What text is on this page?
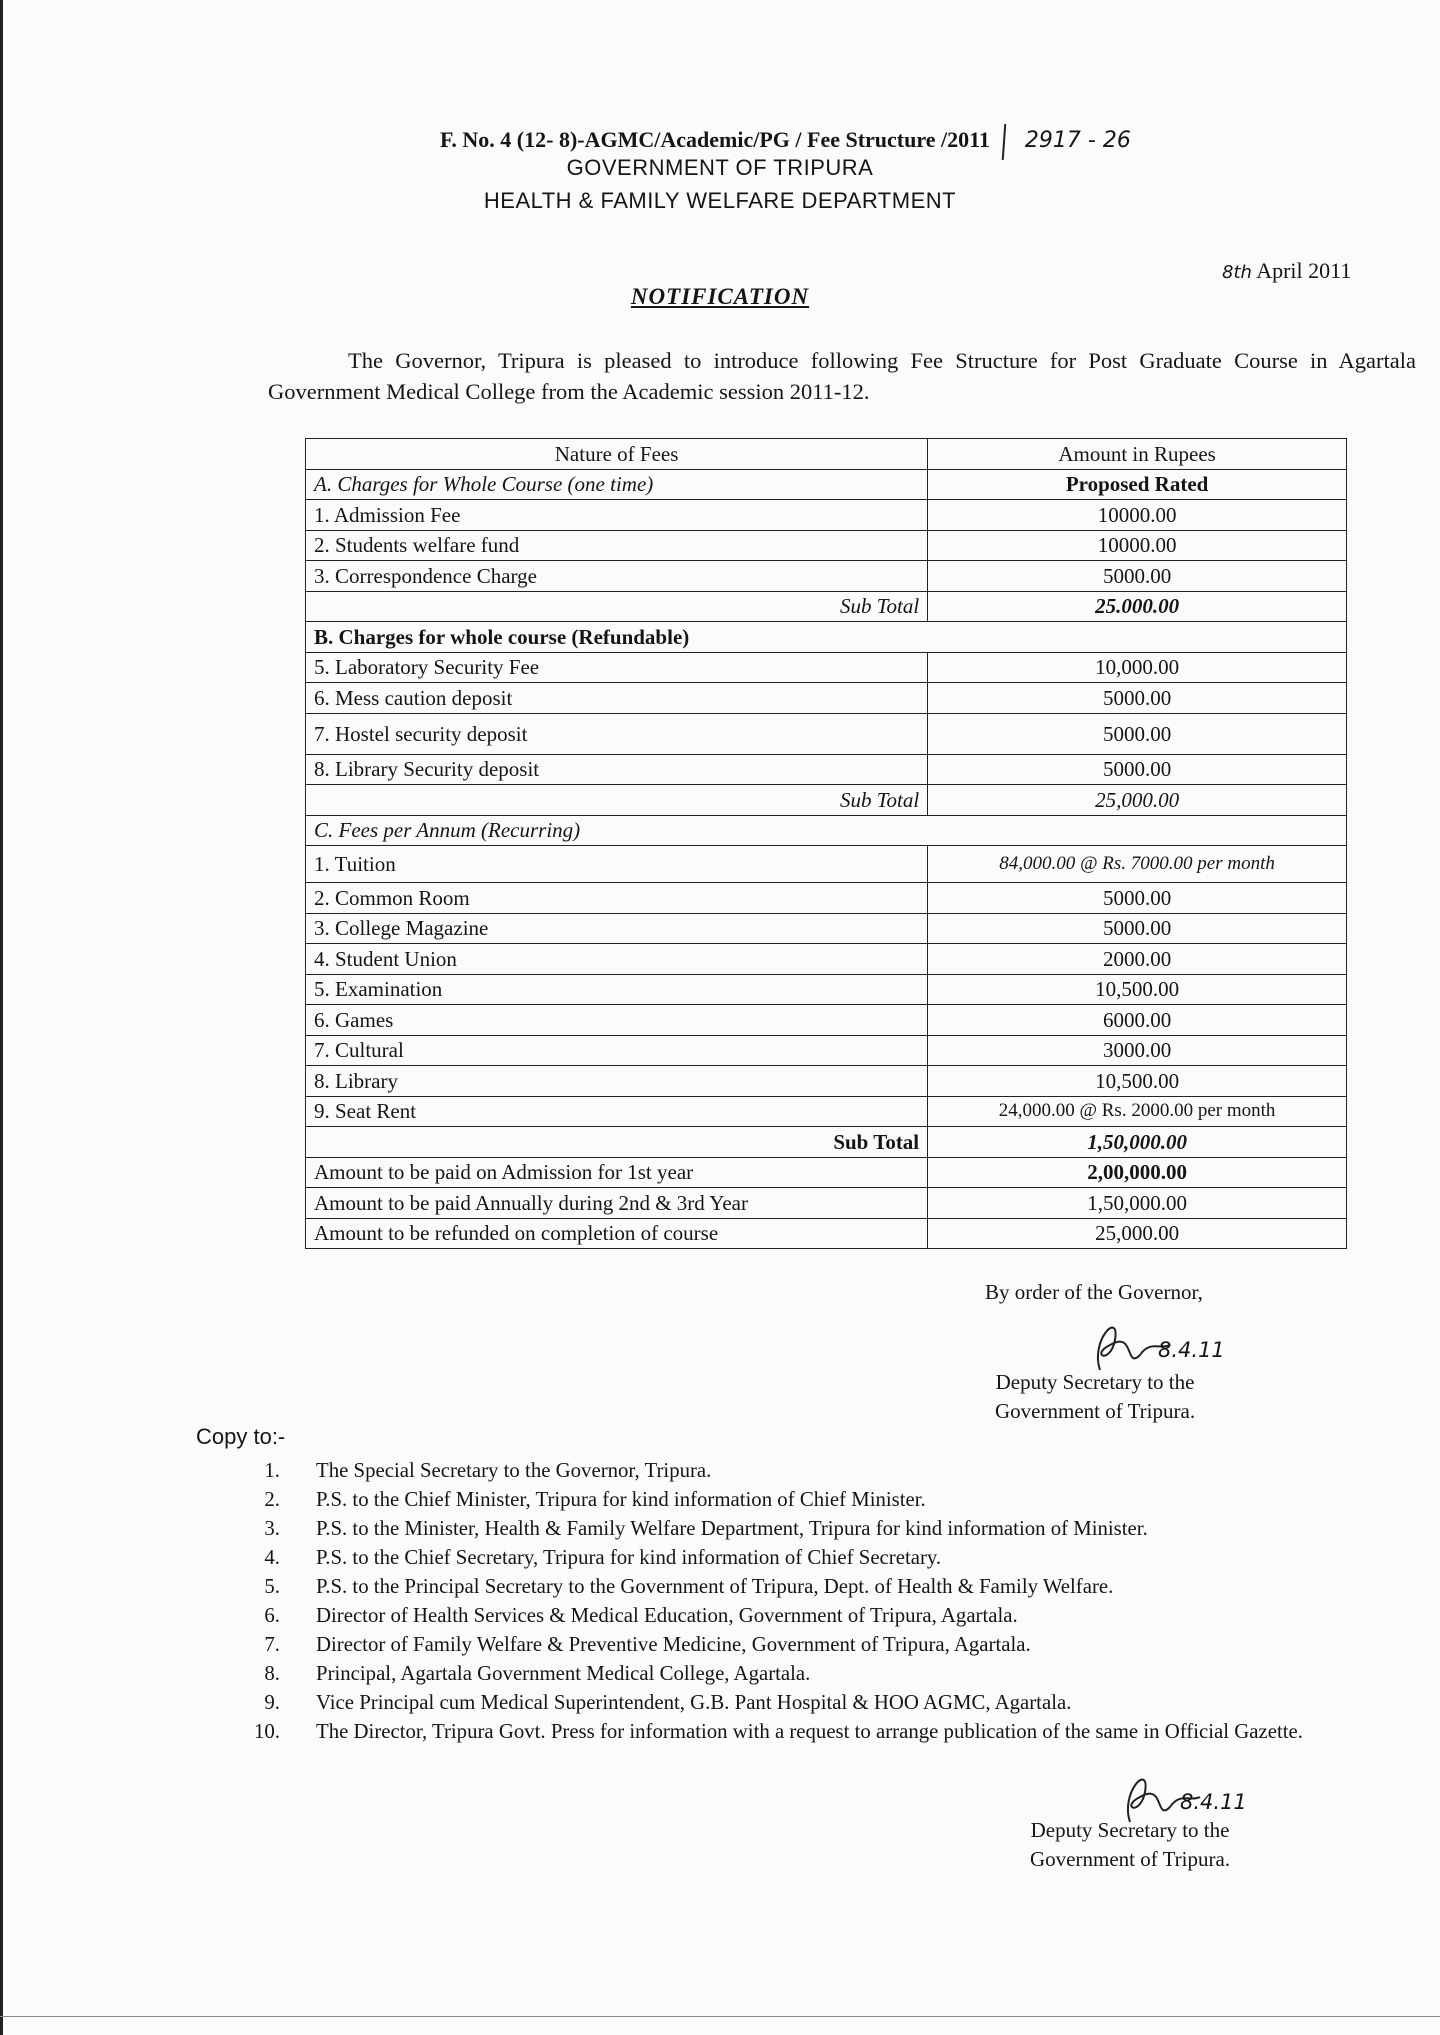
F. No. 4 (12- 8)-AGMC/Academic/PG / Fee Structure /2011 2917 - 26
GOVERNMENT OF TRIPURA
HEALTH & FAMILY WELFARE DEPARTMENT
8th April 2011
NOTIFICATION
The Governor, Tripura is pleased to introduce following Fee Structure for Post Graduate Course in Agartala Government Medical College from the Academic session 2011-12.
Nature of Fees	Amount in Rupees
A. Charges for Whole Course (one time)	Proposed Rated
1. Admission Fee	10000.00
2. Students welfare fund	10000.00
3. Correspondence Charge	5000.00
Sub Total	25.000.00
B. Charges for whole course (Refundable)	
5. Laboratory Security Fee	10,000.00
6. Mess caution deposit	5000.00
7. Hostel security deposit	5000.00
8. Library Security deposit	5000.00
Sub Total	25,000.00
C. Fees per Annum (Recurring)	
1. Tuition	84,000.00 @ Rs. 7000.00 per month
2. Common Room	5000.00
3. College Magazine	5000.00
4. Student Union	2000.00
5. Examination	10,500.00
6. Games	6000.00
7. Cultural	3000.00
8. Library	10,500.00
9. Seat Rent	24,000.00 @ Rs. 2000.00 per month
Sub Total	1,50,000.00
Amount to be paid on Admission for 1st year	2,00,000.00
Amount to be paid Annually during 2nd & 3rd Year	1,50,000.00
Amount to be refunded on completion of course	25,000.00
By order of the Governor,
8.4.11
Deputy Secretary to the
Government of Tripura.
Copy to:-
1. The Special Secretary to the Governor, Tripura.
2. P.S. to the Chief Minister, Tripura for kind information of Chief Minister.
3. P.S. to the Minister, Health & Family Welfare Department, Tripura for kind information of Minister.
4. P.S. to the Chief Secretary, Tripura for kind information of Chief Secretary.
5. P.S. to the Principal Secretary to the Government of Tripura, Dept. of Health & Family Welfare.
6. Director of Health Services & Medical Education, Government of Tripura, Agartala.
7. Director of Family Welfare & Preventive Medicine, Government of Tripura, Agartala.
8. Principal, Agartala Government Medical College, Agartala.
9. Vice Principal cum Medical Superintendent, G.B. Pant Hospital & HOO AGMC, Agartala.
10. The Director, Tripura Govt. Press for information with a request to arrange publication of the same in Official Gazette.
8.4.11
Deputy Secretary to the
Government of Tripura.
